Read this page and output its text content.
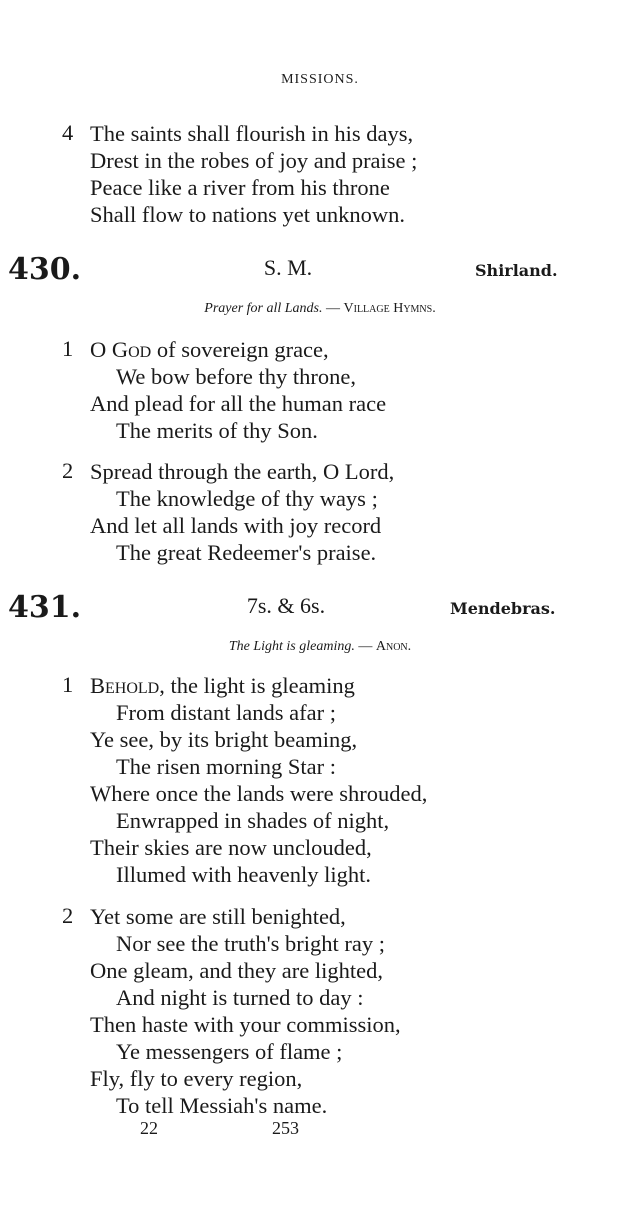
MISSIONS.
4 The saints shall flourish in his days,
Drest in the robes of joy and praise ;
Peace like a river from his throne
Shall flow to nations yet unknown.
430.	S. M.	Shirland.
Prayer for all Lands. — Village Hymns.
1 O God of sovereign grace,
We bow before thy throne,
And plead for all the human race
The merits of thy Son.
2 Spread through the earth, O Lord,
The knowledge of thy ways ;
And let all lands with joy record
The great Redeemer's praise.
431.	7s. & 6s.	Mendebras.
The Light is gleaming. — Anon.
1 Behold, the light is gleaming
From distant lands afar ;
Ye see, by its bright beaming,
The risen morning Star :
Where once the lands were shrouded,
Enwrapped in shades of night,
Their skies are now unclouded,
Illumed with heavenly light.
2 Yet some are still benighted,
Nor see the truth's bright ray ;
One gleam, and they are lighted,
And night is turned to day :
Then haste with your commission,
Ye messengers of flame ;
Fly, fly to every region,
To tell Messiah's name.
22	253
